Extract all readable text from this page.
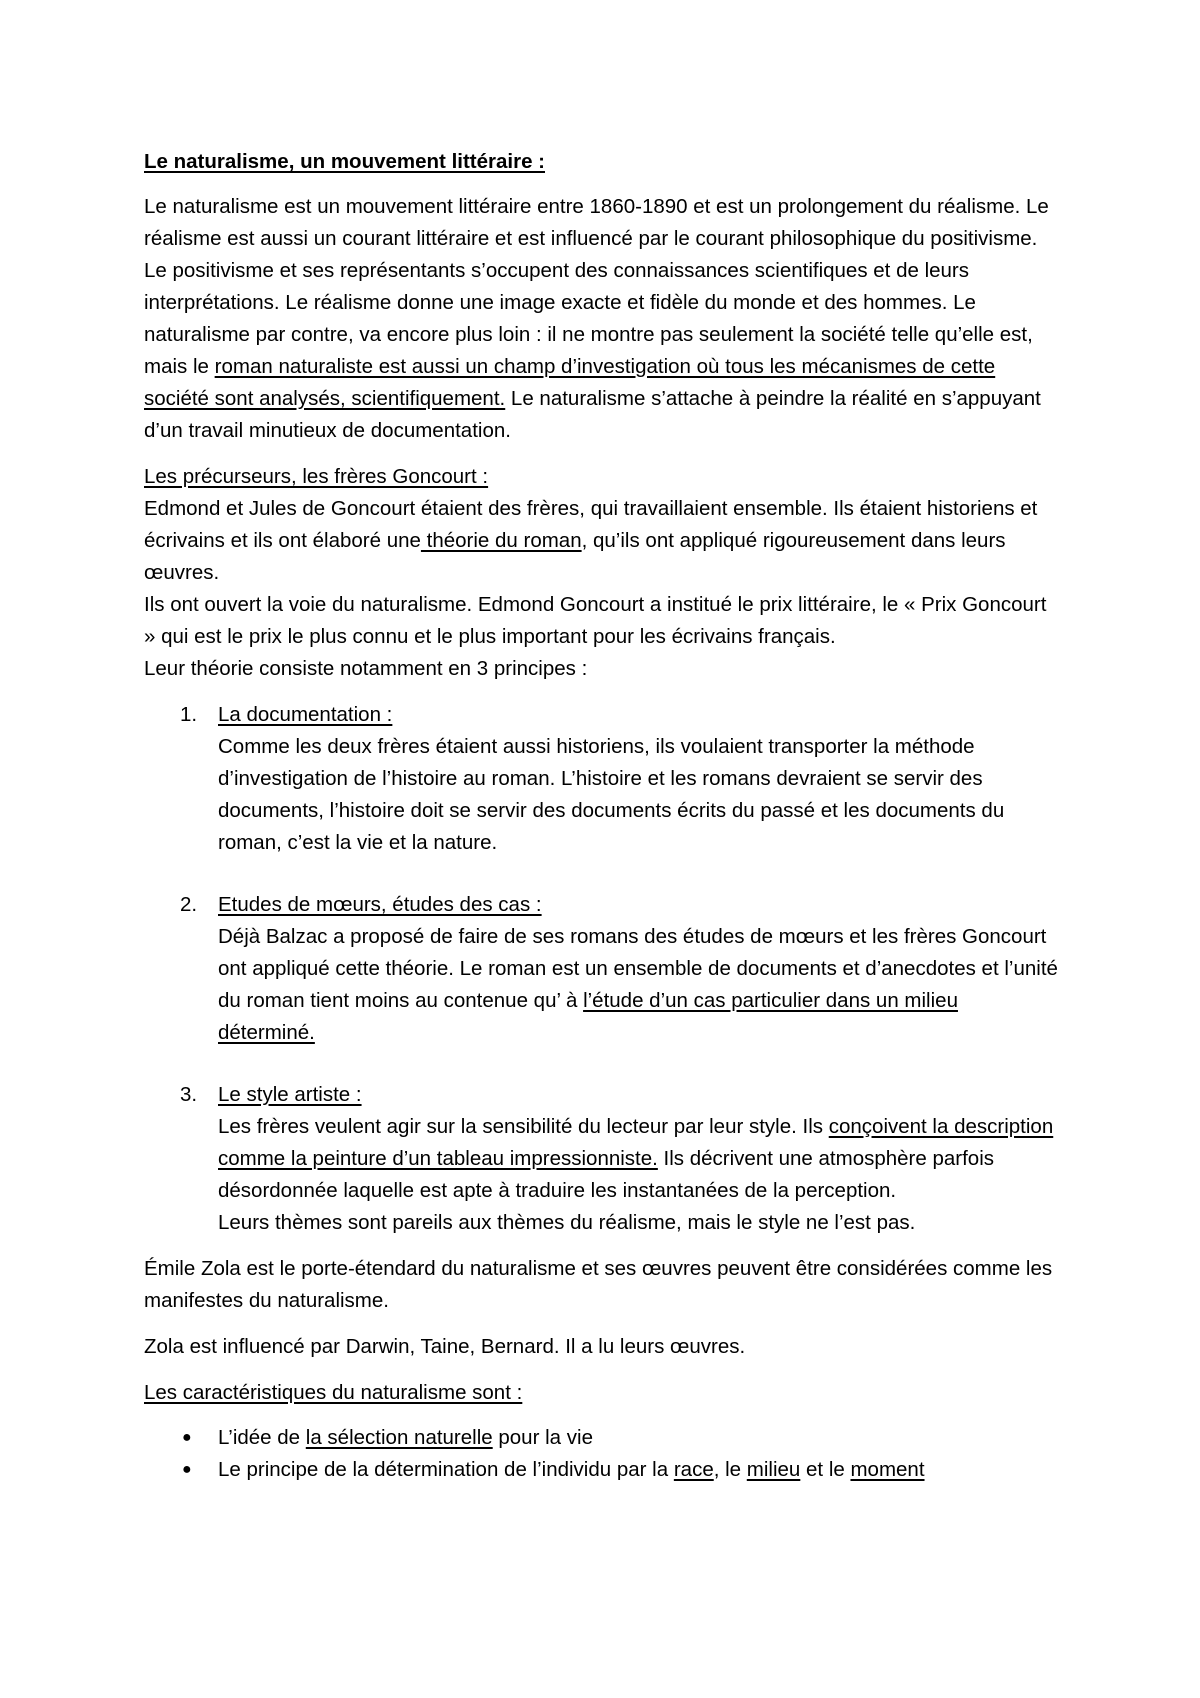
Le naturalisme, un mouvement littéraire :

Le naturalisme est un mouvement littéraire entre 1860-1890 et est un prolongement du réalisme. Le réalisme est aussi un courant littéraire et est influencé par le courant philosophique du positivisme. Le positivisme et ses représentants s’occupent des connaissances scientifiques et de leurs interprétations. Le réalisme donne une image exacte et fidèle du monde et des hommes. Le naturalisme par contre, va encore plus loin : il ne montre pas seulement la société telle qu’elle est, mais le roman naturaliste est aussi un champ d’investigation où tous les mécanismes de cette société sont analysés, scientifiquement. Le naturalisme s’attache à peindre la réalité en s’appuyant d’un travail minutieux de documentation.

Les précurseurs, les frères Goncourt :

Edmond et Jules de Goncourt étaient des frères, qui travaillaient ensemble. Ils étaient historiens et écrivains et ils ont élaboré une théorie du roman, qu’ils ont appliqué rigoureusement dans leurs œuvres.

Ils ont ouvert la voie du naturalisme. Edmond Goncourt a institué le prix littéraire, le « Prix Goncourt » qui est le prix le plus connu et le plus important pour les écrivains français.

Leur théorie consiste notamment en 3 principes :

1. La documentation :

Comme les deux frères étaient aussi historiens, ils voulaient transporter la méthode d’investigation de l’histoire au roman. L’histoire et les romans devraient se servir des documents, l’histoire doit se servir des documents écrits du passé et les documents du roman, c’est la vie et la nature.

2. Etudes de mœurs, études des cas :

Déjà Balzac a proposé de faire de ses romans des études de mœurs et les frères Goncourt ont appliqué cette théorie. Le roman est un ensemble de documents et d’anecdotes et l’unité du roman tient moins au contenue qu’ à l’étude d’un cas particulier dans un milieu déterminé.

3. Le style artiste :

Les frères veulent agir sur la sensibilité du lecteur par leur style. Ils conçoivent la description comme la peinture d’un tableau impressionniste. Ils décrivent une atmosphère parfois désordonnée laquelle est apte à traduire les instantanées de la perception.

Leurs thèmes sont pareils aux thèmes du réalisme, mais le style ne l’est pas.

Émile Zola est le porte-étendard du naturalisme et ses œuvres peuvent être considérées comme les manifestes du naturalisme.

Zola est influencé par Darwin, Taine, Bernard. Il a lu leurs œuvres.

Les caractéristiques du naturalisme sont :

● L’idée de la sélection naturelle pour la vie
● Le principe de la détermination de l’individu par la race, le milieu et le moment
